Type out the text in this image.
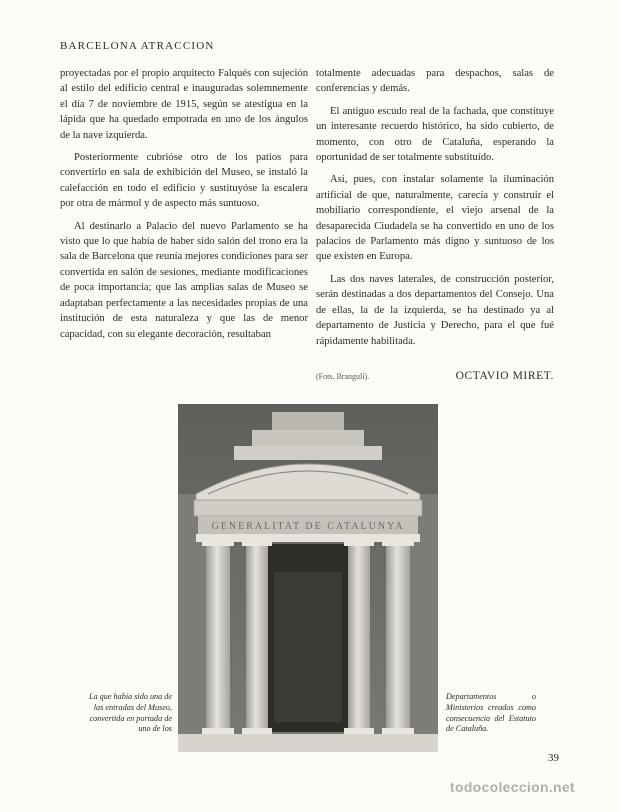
BARCELONA ATRACCION

proyectadas por el propio arquitecto Falqués con sujeción al estilo del edificio central e inauguradas solemnemente el día 7 de noviembre de 1915, según se atestigua en la lápida que ha quedado empotrada en uno de los ángulos de la nave izquierda.

Posteriormente cubrióse otro de los patios para convertirlo en sala de exhibición del Museo, se instaló la calefacción en todo el edificio y sustituyóse la escalera por otra de mármol y de aspecto más suntuoso.

Al destinarlo a Palacio del nuevo Parlamento se ha visto que lo que había de haber sido salón del trono era la sala de Barcelona que reunía mejores condiciones para ser convertida en salón de sesiones, mediante modificaciones de poca importancia; que las amplias salas de Museo se adaptaban perfectamente a las necesidades propias de una institución de esta naturaleza y que las de menor capacidad, con su elegante decoración, resultaban

totalmente adecuadas para despachos, salas de conferencias y demás.

El antiguo escudo real de la fachada, que constituye un interesante recuerdo histórico, ha sido cubierto, de momento, con otro de Cataluña, esperando la oportunidad de ser totalmente substituído.

Así, pues, con instalar solamente la iluminación artificial de que, naturalmente, carecía y construir el mobiliario correspondiente, el viejo arsenal de la desaparecida Ciudadela se ha convertido en uno de los palacios de Parlamento más digno y suntuoso de los que existen en Europa.

Las dos naves laterales, de construcción posterior, serán destinadas a dos departamentos del Consejo. Una de ellas, la de la izquierda, se ha destinado ya al departamento de Justicia y Derecho, para el que fué rápidamente habilitada.

(Fots. Brangulí).	OCTAVIO MIRET.
GENERALITAT DE CATALUNYA
La que había sido una de las entradas del Museo, convertida en portada de uno de los
Departamentos o Ministerios creados como consecuencia del Estatuto de Cataluña.
39
todocoleccion.net
